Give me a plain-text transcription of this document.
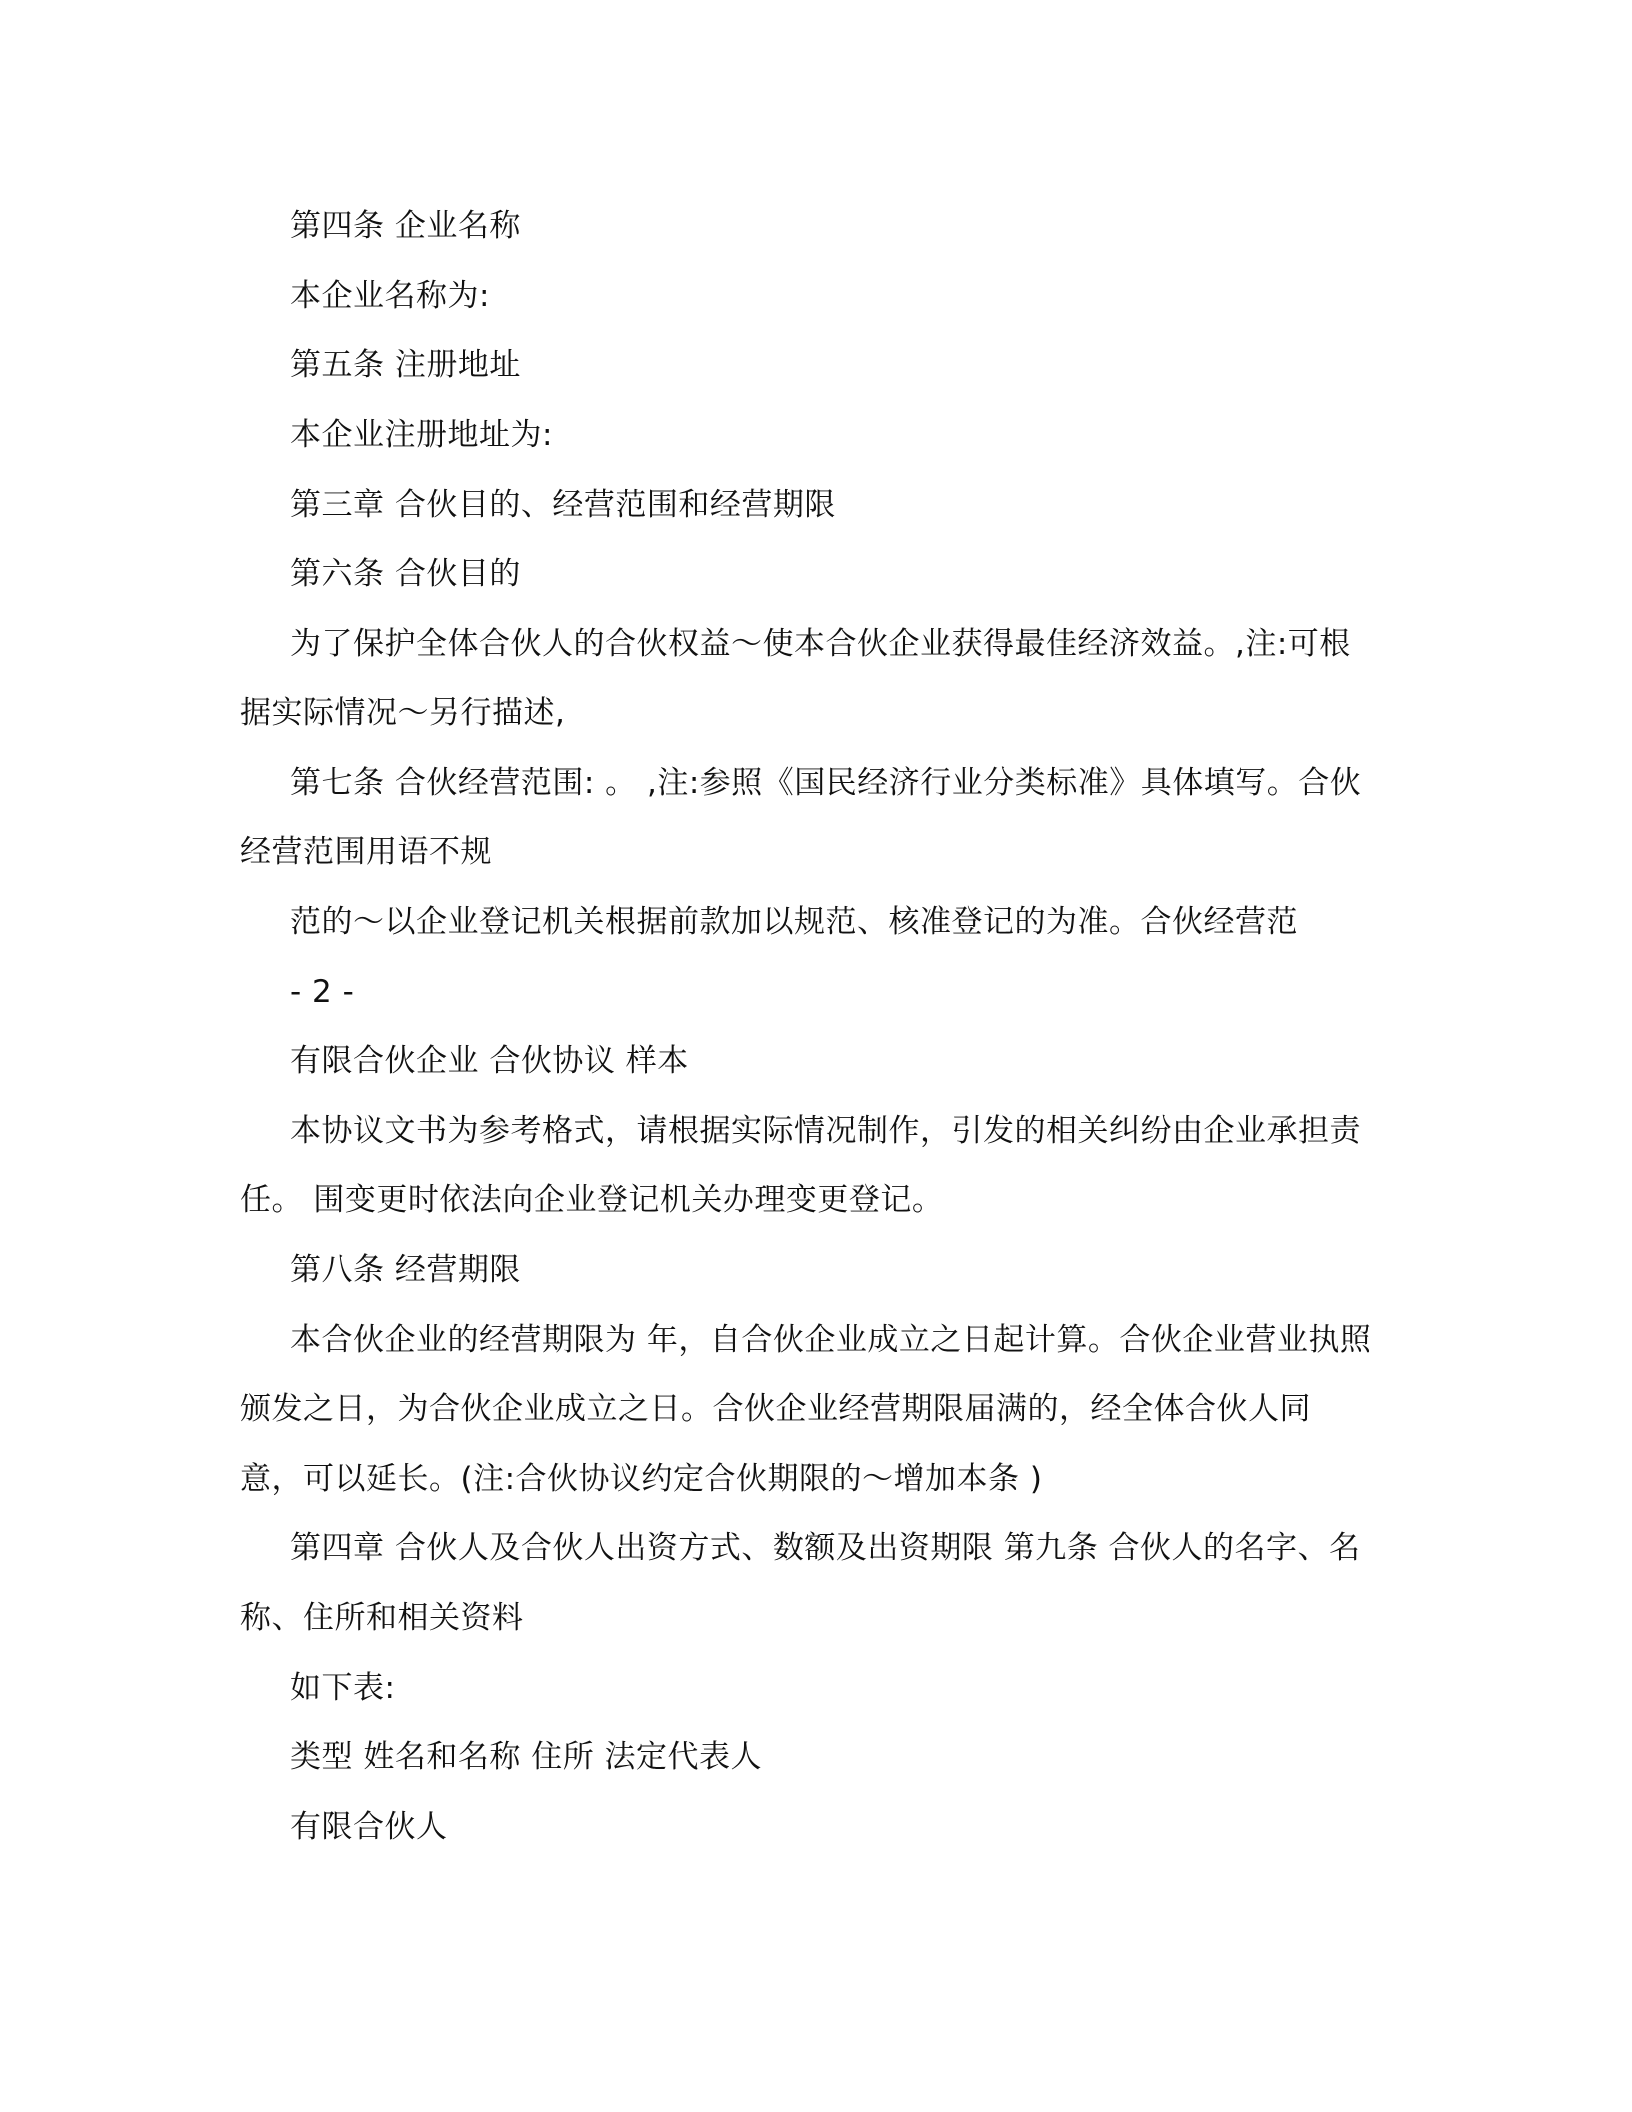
第四条 企业名称
本企业名称为:
第五条 注册地址
本企业注册地址为:
第三章 合伙目的、经营范围和经营期限
第六条 合伙目的
为了保护全体合伙人的合伙权益～使本合伙企业获得最佳经济效益。,注:可根
据实际情况～另行描述,
第七条 合伙经营范围: 。 ,注:参照《国民经济行业分类标准》具体填写。合伙
经营范围用语不规
范的～以企业登记机关根据前款加以规范、核准登记的为准。合伙经营范
- 2 -
有限合伙企业 合伙协议 样本
本协议文书为参考格式，请根据实际情况制作，引发的相关纠纷由企业承担责
任。 围变更时依法向企业登记机关办理变更登记。
第八条 经营期限
本合伙企业的经营期限为 年，自合伙企业成立之日起计算。合伙企业营业执照
颁发之日，为合伙企业成立之日。合伙企业经营期限届满的，经全体合伙人同
意，可以延长。(注:合伙协议约定合伙期限的～增加本条 )
第四章 合伙人及合伙人出资方式、数额及出资期限 第九条 合伙人的名字、名
称、住所和相关资料
如下表:
类型 姓名和名称 住所 法定代表人
有限合伙人
